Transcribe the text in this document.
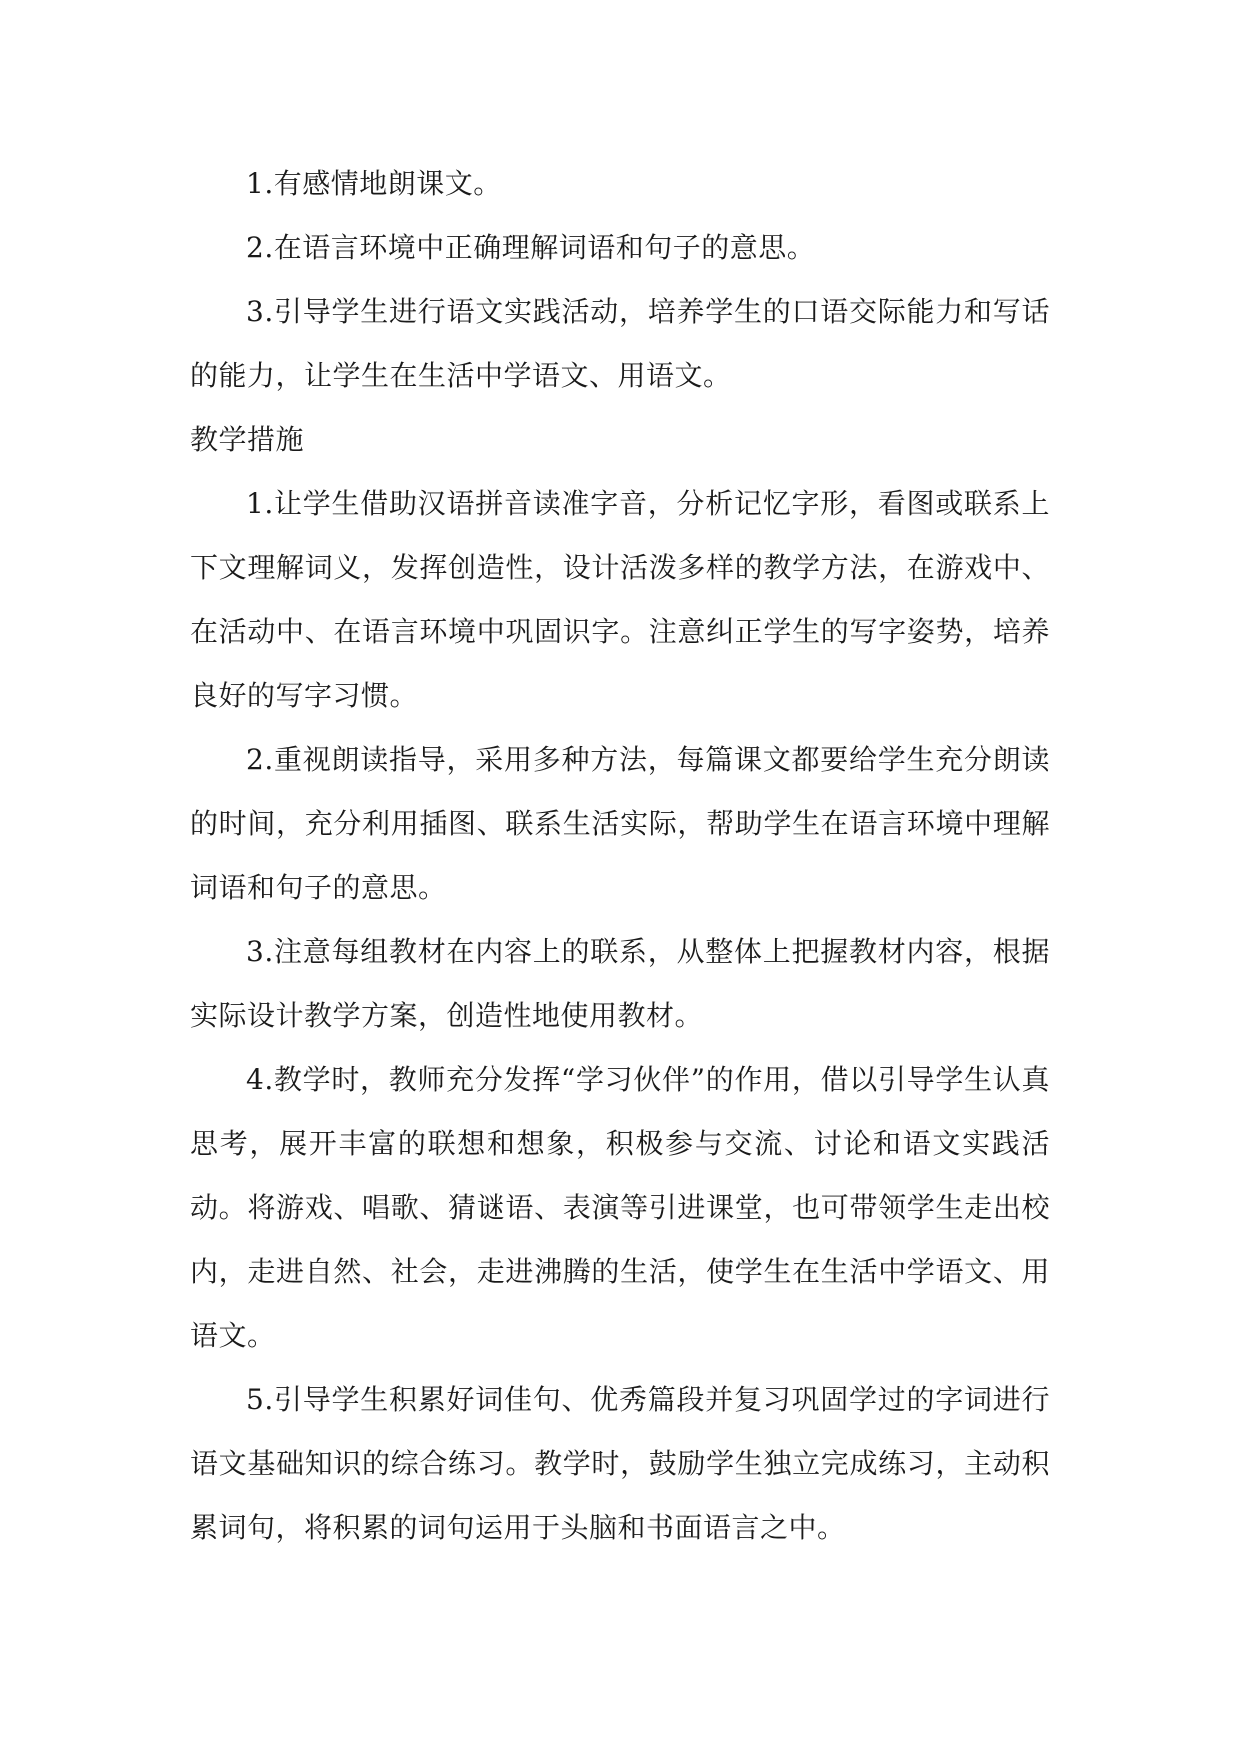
1.有感情地朗课文。

2.在语言环境中正确理解词语和句子的意思。

3.引导学生进行语文实践活动，培养学生的口语交际能力和写话的能力，让学生在生活中学语文、用语文。

教学措施

1.让学生借助汉语拼音读准字音，分析记忆字形，看图或联系上下文理解词义，发挥创造性，设计活泼多样的教学方法，在游戏中、在活动中、在语言环境中巩固识字。注意纠正学生的写字姿势，培养良好的写字习惯。

2.重视朗读指导，采用多种方法，每篇课文都要给学生充分朗读的时间，充分利用插图、联系生活实际，帮助学生在语言环境中理解词语和句子的意思。

3.注意每组教材在内容上的联系，从整体上把握教材内容，根据实际设计教学方案，创造性地使用教材。

4.教学时，教师充分发挥“学习伙伴”的作用，借以引导学生认真思考，展开丰富的联想和想象，积极参与交流、讨论和语文实践活动。将游戏、唱歌、猜谜语、表演等引进课堂，也可带领学生走出校内，走进自然、社会，走进沸腾的生活，使学生在生活中学语文、用语文。

5.引导学生积累好词佳句、优秀篇段并复习巩固学过的字词进行语文基础知识的综合练习。教学时，鼓励学生独立完成练习，主动积累词句，将积累的词句运用于头脑和书面语言之中。
